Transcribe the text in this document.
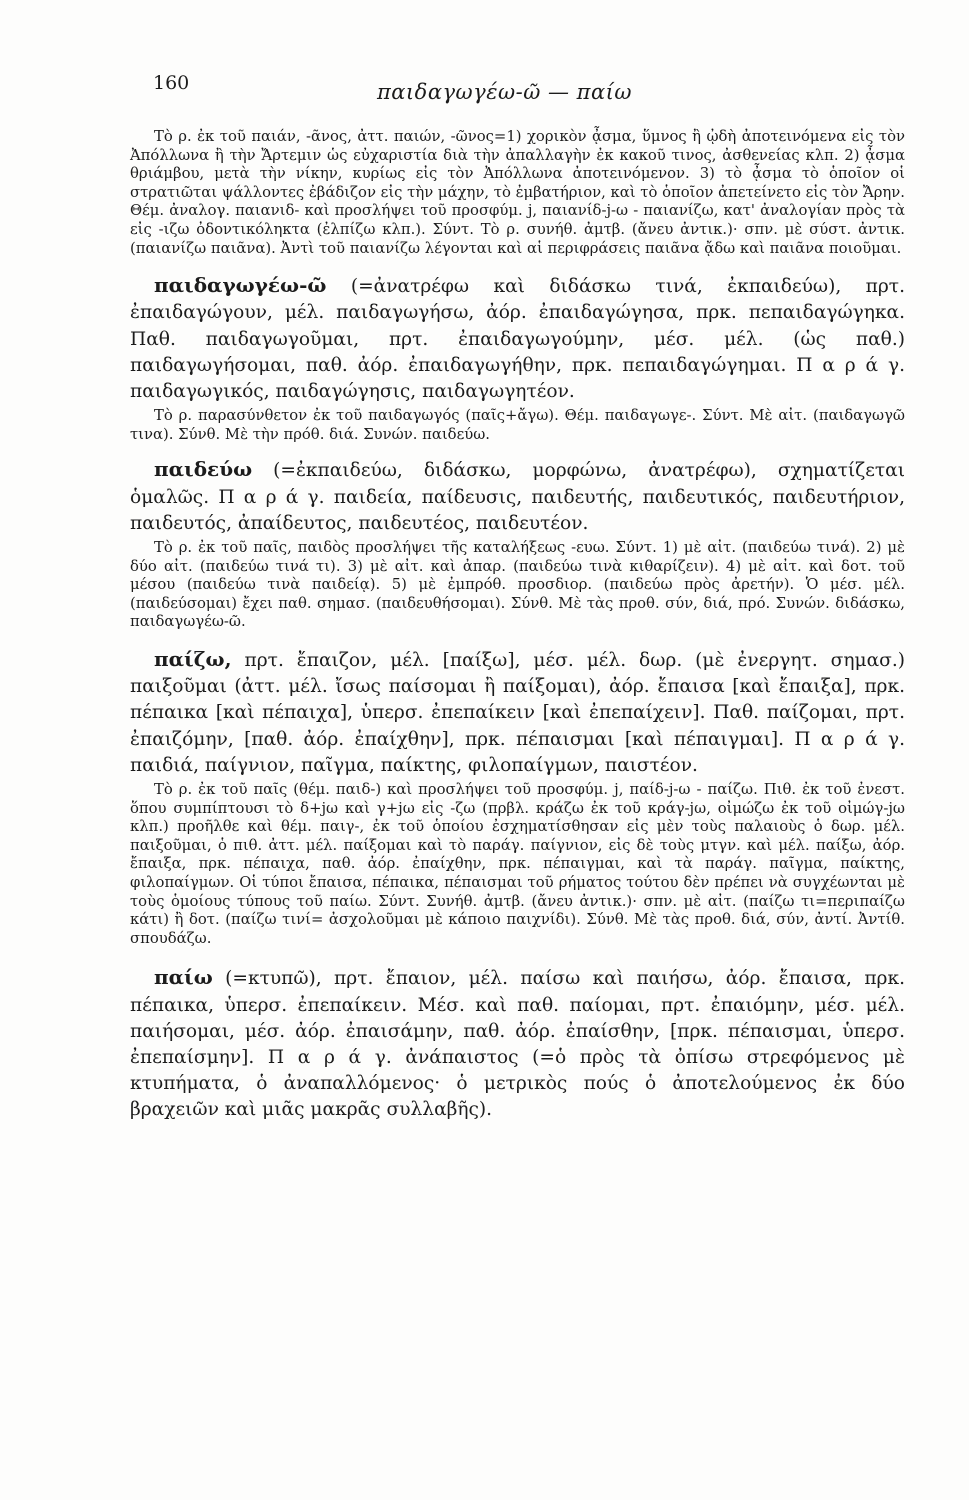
160	παιδαγωγέω-ῶ — παίω

Τὸ ρ. ἐκ τοῦ παιάν, -ᾶνος, ἀττ. παιών, -ῶνος=1) χορικὸν ᾆσμα, ὕμνος ἢ ᾠδὴ ἀποτεινόμενα εἰς τὸν Ἀπόλλωνα ἢ τὴν Ἄρτεμιν ὡς εὐχαριστία διὰ τὴν ἀπαλλαγὴν ἐκ κακοῦ τινος, ἀσθενείας κλπ. 2) ᾆσμα θριάμβου, μετὰ τὴν νίκην, κυρίως εἰς τὸν Ἀπόλλωνα ἀποτεινόμενον. 3) τὸ ᾆσμα τὸ ὁποῖον οἱ στρατιῶται ψάλλοντες ἐβάδιζον εἰς τὴν μάχην, τὸ ἐμβατήριον, καὶ τὸ ὁποῖον ἀπετείνετο εἰς τὸν Ἄρην. Θέμ. ἀναλογ. παιανιδ- καὶ προσλήψει τοῦ προσφύμ. j, παιανίδ-j-ω - παιανίζω, κατ' ἀναλογίαν πρὸς τὰ εἰς -ιζω ὀδοντικόληκτα (ἐλπίζω κλπ.). Σύντ. Τὸ ρ. συνήθ. ἀμτβ. (ἄνευ ἀντικ.)· σπν. μὲ σύστ. ἀντικ. (παιανίζω παιᾶνα). Ἀντὶ τοῦ παιανίζω λέγονται καὶ αἱ περιφράσεις παιᾶνα ᾄδω καὶ παιᾶνα ποιοῦμαι.

παιδαγωγέω-ῶ (=ἀνατρέφω καὶ διδάσκω τινά, ἐκπαιδεύω), πρτ. ἐπαιδαγώγουν, μέλ. παιδαγωγήσω, ἀόρ. ἐπαιδαγώγησα, πρκ. πεπαιδαγώγηκα. Παθ. παιδαγωγοῦμαι, πρτ. ἐπαιδαγωγούμην, μέσ. μέλ. (ὡς παθ.) παιδαγωγήσομαι, παθ. ἀόρ. ἐπαιδαγωγήθην, πρκ. πεπαιδαγώγημαι. Π α ρ ά γ. παιδαγωγικός, παιδαγώγησις, παιδαγωγητέον.

Τὸ ρ. παρασύνθετον ἐκ τοῦ παιδαγωγός (παῖς+ἄγω). Θέμ. παιδαγωγε-. Σύντ. Μὲ αἰτ. (παιδαγωγῶ τινα). Σύνθ. Μὲ τὴν πρόθ. διά. Συνών. παιδεύω.

παιδεύω (=ἐκπαιδεύω, διδάσκω, μορφώνω, ἀνατρέφω), σχηματίζεται ὁμαλῶς. Π α ρ ά γ. παιδεία, παίδευσις, παιδευτής, παιδευτικός, παιδευτήριον, παιδευτός, ἀπαίδευτος, παιδευτέος, παιδευτέον.

Τὸ ρ. ἐκ τοῦ παῖς, παιδὸς προσλήψει τῆς καταλήξεως -ευω. Σύντ. 1) μὲ αἰτ. (παιδεύω τινά). 2) μὲ δύο αἰτ. (παιδεύω τινά τι). 3) μὲ αἰτ. καὶ ἀπαρ. (παιδεύω τινὰ κιθαρίζειν). 4) μὲ αἰτ. καὶ δοτ. τοῦ μέσου (παιδεύω τινὰ παιδείᾳ). 5) μὲ ἐμπρόθ. προσδιορ. (παιδεύω πρὸς ἀρετήν). Ὁ μέσ. μέλ. (παιδεύσομαι) ἔχει παθ. σημασ. (παιδευθήσομαι). Σύνθ. Μὲ τὰς προθ. σύν, διά, πρό. Συνών. διδάσκω, παιδαγωγέω-ῶ.

παίζω, πρτ. ἔπαιζον, μέλ. [παίξω], μέσ. μέλ. δωρ. (μὲ ἐνεργητ. σημασ.) παιξοῦμαι (ἀττ. μέλ. ἴσως παίσομαι ἢ παίξομαι), ἀόρ. ἔπαισα [καὶ ἔπαιξα], πρκ. πέπαικα [καὶ πέπαιχα], ὑπερσ. ἐπεπαίκειν [καὶ ἐπεπαίχειν]. Παθ. παίζομαι, πρτ. ἐπαιζόμην, [παθ. ἀόρ. ἐπαίχθην], πρκ. πέπαισμαι [καὶ πέπαιγμαι]. Π α ρ ά γ. παιδιά, παίγνιον, παῖγμα, παίκτης, φιλοπαίγμων, παιστέον.

Τὸ ρ. ἐκ τοῦ παῖς (θέμ. παιδ-) καὶ προσλήψει τοῦ προσφύμ. j, παίδ-j-ω - παίζω. Πιθ. ἐκ τοῦ ἐνεστ. ὅπου συμπίπτουσι τὸ δ+jω καὶ γ+jω εἰς -ζω (πρβλ. κράζω ἐκ τοῦ κράγ-jω, οἰμώζω ἐκ τοῦ οἰμώγ-jω κλπ.) προῆλθε καὶ θέμ. παιγ-, ἐκ τοῦ ὁποίου ἐσχηματίσθησαν εἰς μὲν τοὺς παλαιοὺς ὁ δωρ. μέλ. παιξοῦμαι, ὁ πιθ. ἀττ. μέλ. παίξομαι καὶ τὸ παράγ. παίγνιον, εἰς δὲ τοὺς μτγν. καὶ μέλ. παίξω, ἀόρ. ἔπαιξα, πρκ. πέπαιχα, παθ. ἀόρ. ἐπαίχθην, πρκ. πέπαιγμαι, καὶ τὰ παράγ. παῖγμα, παίκτης, φιλοπαίγμων. Οἱ τύποι ἔπαισα, πέπαικα, πέπαισμαι τοῦ ρήματος τούτου δὲν πρέπει νὰ συγχέωνται μὲ τοὺς ὁμοίους τύπους τοῦ παίω. Σύντ. Συνήθ. ἀμτβ. (ἄνευ ἀντικ.)· σπν. μὲ αἰτ. (παίζω τι=περιπαίζω κάτι) ἢ δοτ. (παίζω τινί= ἀσχολοῦμαι μὲ κάποιο παιχνίδι). Σύνθ. Μὲ τὰς προθ. διά, σύν, ἀντί. Ἀντίθ. σπουδάζω.

παίω (=κτυπῶ), πρτ. ἔπαιον, μέλ. παίσω καὶ παιήσω, ἀόρ. ἔπαισα, πρκ. πέπαικα, ὑπερσ. ἐπεπαίκειν. Μέσ. καὶ παθ. παίομαι, πρτ. ἐπαιόμην, μέσ. μέλ. παιήσομαι, μέσ. ἀόρ. ἐπαισάμην, παθ. ἀόρ. ἐπαίσθην, [πρκ. πέπαισμαι, ὑπερσ. ἐπεπαίσμην]. Π α ρ ά γ. ἀνάπαιστος (=ὁ πρὸς τὰ ὀπίσω στρεφόμενος μὲ κτυπήματα, ὁ ἀναπαλλόμενος· ὁ μετρικὸς πούς ὁ ἀποτελούμενος ἐκ δύο βραχειῶν καὶ μιᾶς μακρᾶς συλλαβῆς).
